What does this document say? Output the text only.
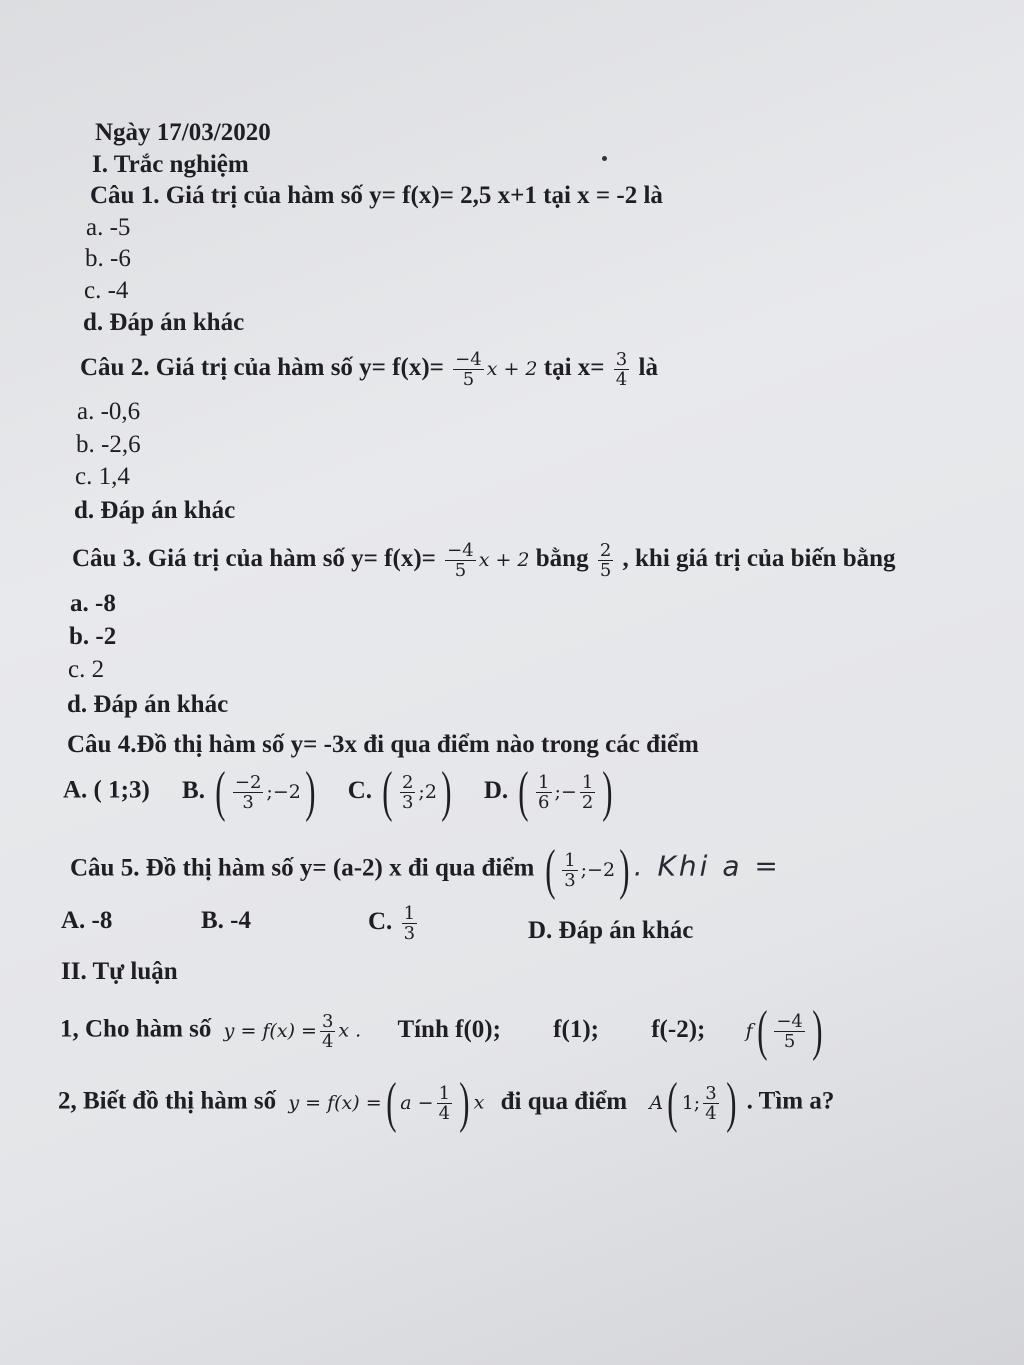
Ngày 17/03/2020
I. Trắc nghiệm
Câu 1. Giá trị của hàm số y= f(x)= 2,5 x+1 tại x = -2 là
a. -5
b. -6
c. -4
d. Đáp án khác
Câu 2. Giá trị của hàm số $y= f(x)= \frac{-4}{5}$ x + 2 tại $x= \frac{3}{4}$ là
a. -0,6
b. -2,6
c. 1,4
d. Đáp án khác
Câu 3. Giá trị của hàm số $y= f(x)= \frac{-4}{5}$ x + 2 bằng $\frac{2}{5}$ , khi giá trị của biến bằng
a. -8
b. -2
c. 2
d. Đáp án khác
Câu 4.Đồ thị hàm số y= -3x đi qua điểm nào trong các điểm
A. ( 1;3) B. ( $\frac{-2}{3}$ ;−2 ) C. ( $\frac{2}{3}$ ;2 ) D. ( $\frac{1}{6}$ ;− $\frac{1}{2}$ )
Câu 5. Đồ thị hàm số y= (a-2) x đi qua điểm ( $\frac{1}{3}$ ;−2 ) . Khi a =
A. -8	B. -4	C. $\frac{1}{3}$	D. Đáp án khác
II. Tự luận
1, Cho hàm số $y = f(x) = \frac{3}{4}$ x . Tính f(0); f(1); f(-2); f ( $\frac{-4}{5}$ )
2, Biết đồ thị hàm số y = f(x) = ( $a - \frac{1}{4}$ ) x đi qua điểm A ( 1; $\frac{3}{4}$ ) . Tìm a?
